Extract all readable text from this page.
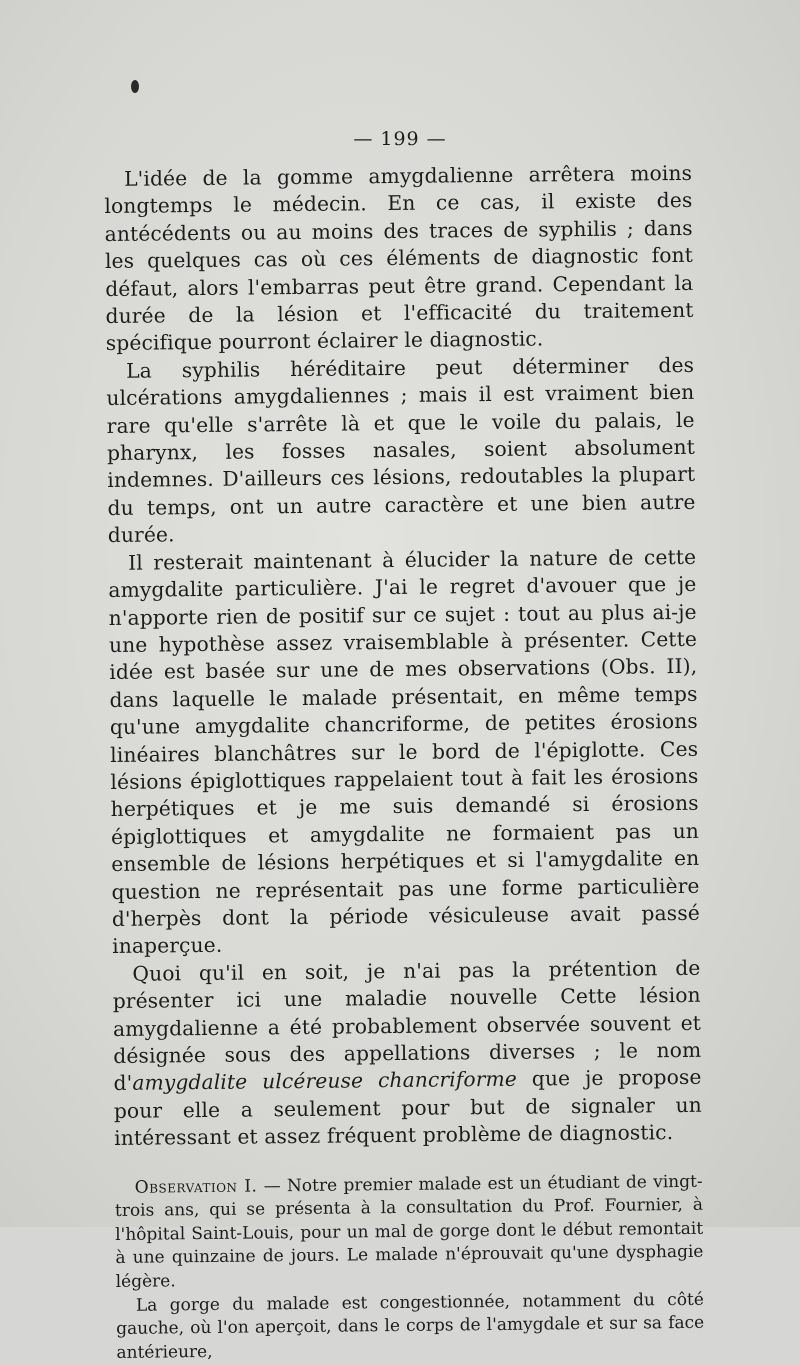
— 199 —

L'idée de la gomme amygdalienne arrêtera moins longtemps le médecin. En ce cas, il existe des antécédents ou au moins des traces de syphilis ; dans les quelques cas où ces éléments de diagnostic font défaut, alors l'embarras peut être grand. Cependant la durée de la lésion et l'efficacité du traitement spécifique pourront éclairer le diagnostic.

La syphilis héréditaire peut déterminer des ulcérations amygdaliennes ; mais il est vraiment bien rare qu'elle s'arrête là et que le voile du palais, le pharynx, les fosses nasales, soient absolument indemnes. D'ailleurs ces lésions, redoutables la plupart du temps, ont un autre caractère et une bien autre durée.

Il resterait maintenant à élucider la nature de cette amygdalite particulière. J'ai le regret d'avouer que je n'apporte rien de positif sur ce sujet : tout au plus ai-je une hypothèse assez vraisemblable à présenter. Cette idée est basée sur une de mes observations (Obs. II), dans laquelle le malade présentait, en même temps qu'une amygdalite chancriforme, de petites érosions linéaires blanchâtres sur le bord de l'épiglotte. Ces lésions épiglottiques rappelaient tout à fait les érosions herpétiques et je me suis demandé si érosions épiglottiques et amygdalite ne formaient pas un ensemble de lésions herpétiques et si l'amygdalite en question ne représentait pas une forme particulière d'herpès dont la période vésiculeuse avait passé inaperçue.

Quoi qu'il en soit, je n'ai pas la prétention de présenter ici une maladie nouvelle Cette lésion amygdalienne a été probablement observée souvent et désignée sous des appellations diverses ; le nom d'amygdalite ulcéreuse chancriforme que je propose pour elle a seulement pour but de signaler un intéressant et assez fréquent problème de diagnostic.

Observation I. — Notre premier malade est un étudiant de vingt-trois ans, qui se présenta à la consultation du Prof. Fournier, à l'hôpital Saint-Louis, pour un mal de gorge dont le début remontait à une quinzaine de jours. Le malade n'éprouvait qu'une dysphagie légère.

La gorge du malade est congestionnée, notamment du côté gauche, où l'on aperçoit, dans le corps de l'amygdale et sur sa face antérieure,
